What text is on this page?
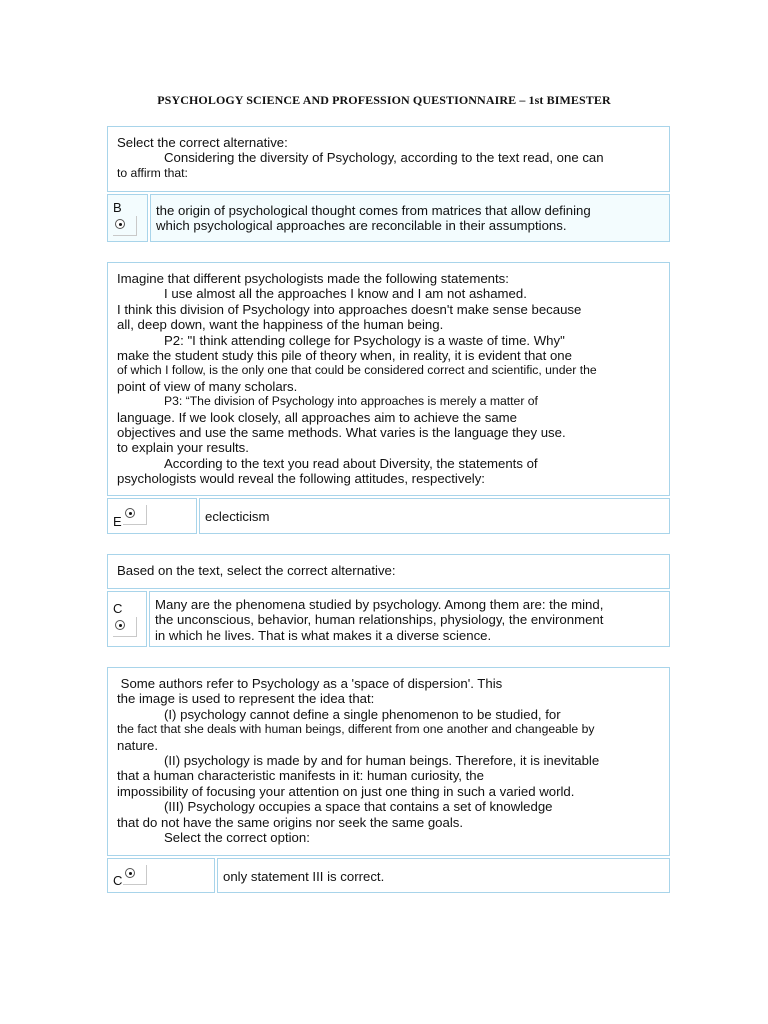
PSYCHOLOGY SCIENCE AND PROFESSION QUESTIONNAIRE – 1st BIMESTER
Select the correct alternative:
Considering the diversity of Psychology, according to the text read, one can
to affirm that:
B	the origin of psychological thought comes from matrices that allow defining
which psychological approaches are reconcilable in their assumptions.
Imagine that different psychologists made the following statements:
I use almost all the approaches I know and I am not ashamed.
I think this division of Psychology into approaches doesn't make sense because
all, deep down, want the happiness of the human being.
P2: "I think attending college for Psychology is a waste of time. Why"
make the student study this pile of theory when, in reality, it is evident that one
of which I follow, is the only one that could be considered correct and scientific, under the
point of view of many scholars.
P3: “The division of Psychology into approaches is merely a matter of
language. If we look closely, all approaches aim to achieve the same
objectives and use the same methods. What varies is the language they use.
to explain your results.
According to the text you read about Diversity, the statements of
psychologists would reveal the following attitudes, respectively:
E	eclecticism
Based on the text, select the correct alternative:
C Many are the phenomena studied by psychology. Among them are: the mind,
the unconscious, behavior, human relationships, physiology, the environment
in which he lives. That is what makes it a diverse science.
Some authors refer to Psychology as a 'space of dispersion'. This
the image is used to represent the idea that:
(I) psychology cannot define a single phenomenon to be studied, for
the fact that she deals with human beings, different from one another and changeable by
nature.
(II) psychology is made by and for human beings. Therefore, it is inevitable
that a human characteristic manifests in it: human curiosity, the
impossibility of focusing your attention on just one thing in such a varied world.
(III) Psychology occupies a space that contains a set of knowledge
that do not have the same origins nor seek the same goals.
Select the correct option:
C	only statement III is correct.
